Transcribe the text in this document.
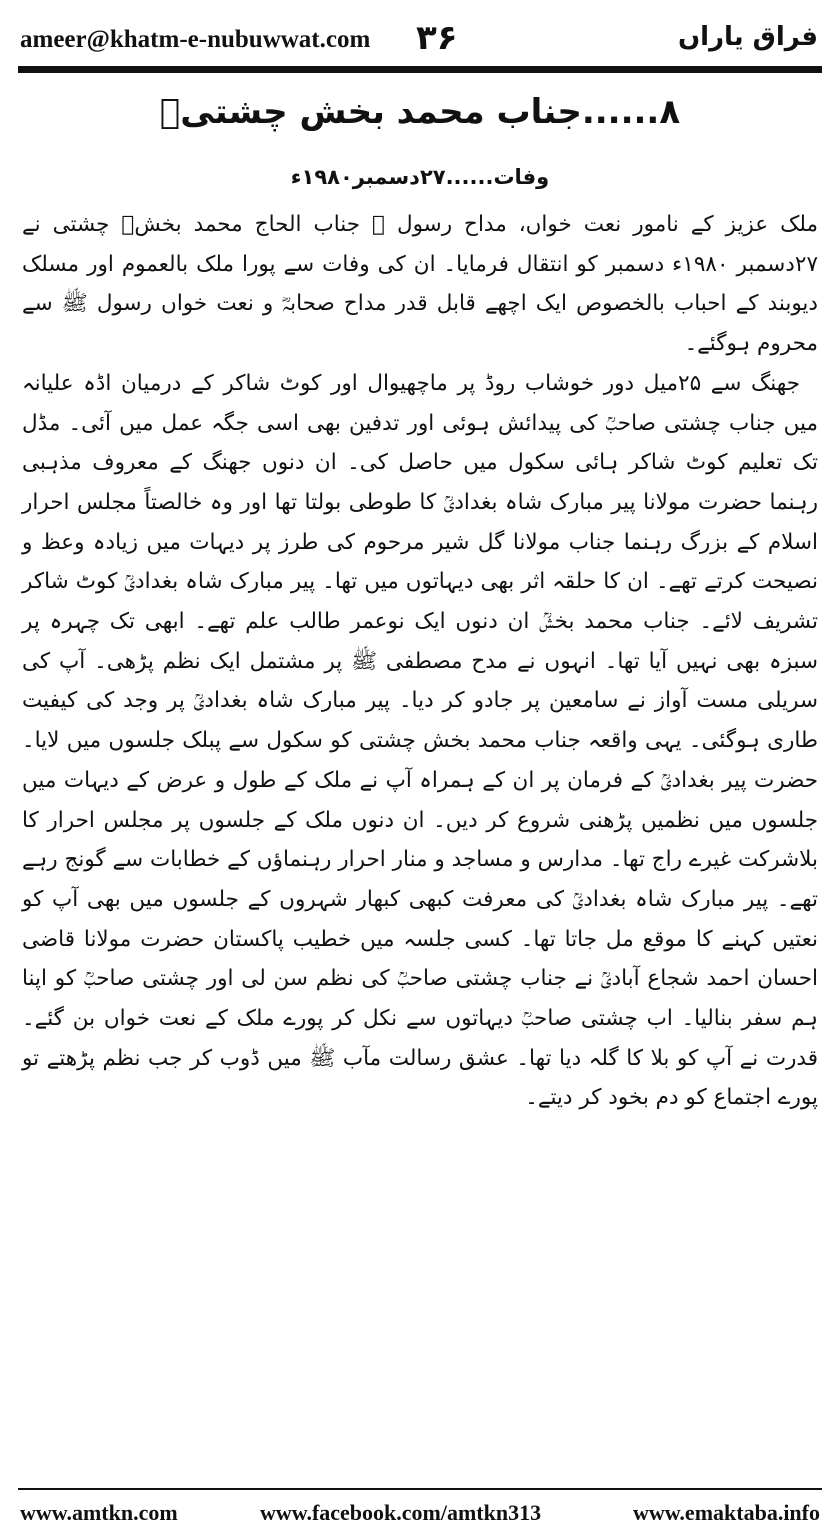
ameer@khatm-e-nubuwwat.com ۳۶	فراق یاراں
۸......جناب محمد بخش چشتیؒ
وفات......۲۷دسمبر۱۹۸۰ء

ملک عزیز کے نامور نعت خواں، مداح رسول ﷺ جناب الحاج محمد بخشؒ چشتی نے ۲۷دسمبر ۱۹۸۰ء دسمبر کو انتقال فرمایا۔ ان کی وفات سے پورا ملک بالعموم اور مسلک دیوبند کے احباب بالخصوص ایک اچھے قابل قدر مداح صحابہؓ و نعت خواں رسول ﷺ سے محروم ہوگئے۔

جھنگ سے ۲۵میل دور خوشاب روڈ پر ماچھیوال اور کوٹ شاکر کے درمیان اڈہ علیانہ میں جناب چشتی صاحبؒ کی پیدائش ہوئی اور تدفین بھی اسی جگہ عمل میں آئی۔ مڈل تک تعلیم کوٹ شاکر ہائی سکول میں حاصل کی۔ ان دنوں جھنگ کے معروف مذہبی رہنما حضرت مولانا پیر مبارک شاہ بغدادیؒ کا طوطی بولتا تھا اور وہ خالصتاً مجلس احرار اسلام کے بزرگ رہنما جناب مولانا گل شیر مرحوم کی طرز پر دیہات میں زیادہ وعظ و نصیحت کرتے تھے۔ ان کا حلقہ اثر بھی دیہاتوں میں تھا۔ پیر مبارک شاہ بغدادیؒ کوٹ شاکر تشریف لائے۔ جناب محمد بخشؒ ان دنوں ایک نوعمر طالب علم تھے۔ ابھی تک چہرہ پر سبزہ بھی نہیں آیا تھا۔ انہوں نے مدح مصطفی ﷺ پر مشتمل ایک نظم پڑھی۔ آپ کی سریلی مست آواز نے سامعین پر جادو کر دیا۔ پیر مبارک شاہ بغدادیؒ پر وجد کی کیفیت طاری ہوگئی۔ یہی واقعہ جناب محمد بخش چشتی کو سکول سے پبلک جلسوں میں لایا۔ حضرت پیر بغدادیؒ کے فرمان پر ان کے ہمراہ آپ نے ملک کے طول و عرض کے دیہات میں جلسوں میں نظمیں پڑھنی شروع کر دیں۔ ان دنوں ملک کے جلسوں پر مجلس احرار کا بلاشرکت غیرے راج تھا۔ مدارس و مساجد و منار احرار رہنماؤں کے خطابات سے گونج رہے تھے۔ پیر مبارک شاہ بغدادیؒ کی معرفت کبھی کبھار شہروں کے جلسوں میں بھی آپ کو نعتیں کہنے کا موقع مل جاتا تھا۔ کسی جلسہ میں خطیب پاکستان حضرت مولانا قاضی احسان احمد شجاع آبادیؒ نے جناب چشتی صاحبؒ کی نظم سن لی اور چشتی صاحبؒ کو اپنا ہم سفر بنالیا۔ اب چشتی صاحبؒ دیہاتوں سے نکل کر پورے ملک کے نعت خواں بن گئے۔ قدرت نے آپ کو بلا کا گلہ دیا تھا۔ عشق رسالت مآب ﷺ میں ڈوب کر جب نظم پڑھتے تو پورے اجتماع کو دم بخود کر دیتے۔

www.amtkn.com	www.facebook.com/amtkn313	www.emaktaba.info
